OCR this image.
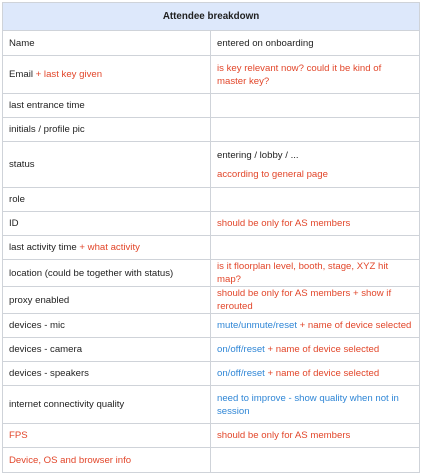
Attendee breakdown	
Name	entered on onboarding

Email + last key given	is key relevant now? could it be kind of master key?

last entrance time	
initials / profile pic	
status	entering / lobby / ...
according to general page

role	
ID	should be only for AS members

last activity time + what activity	
location (could be together with status)	is it floorplan level, booth, stage, XYZ hit map?

proxy enabled	should be only for AS members + show if rerouted

devices - mic	mute/unmute/reset + name of device selected

devices - camera	on/off/reset + name of device selected

devices - speakers	on/off/reset + name of device selected

internet connectivity quality	need to improve - show quality when not in session

FPS	should be only for AS members

Device, OS and browser info	
